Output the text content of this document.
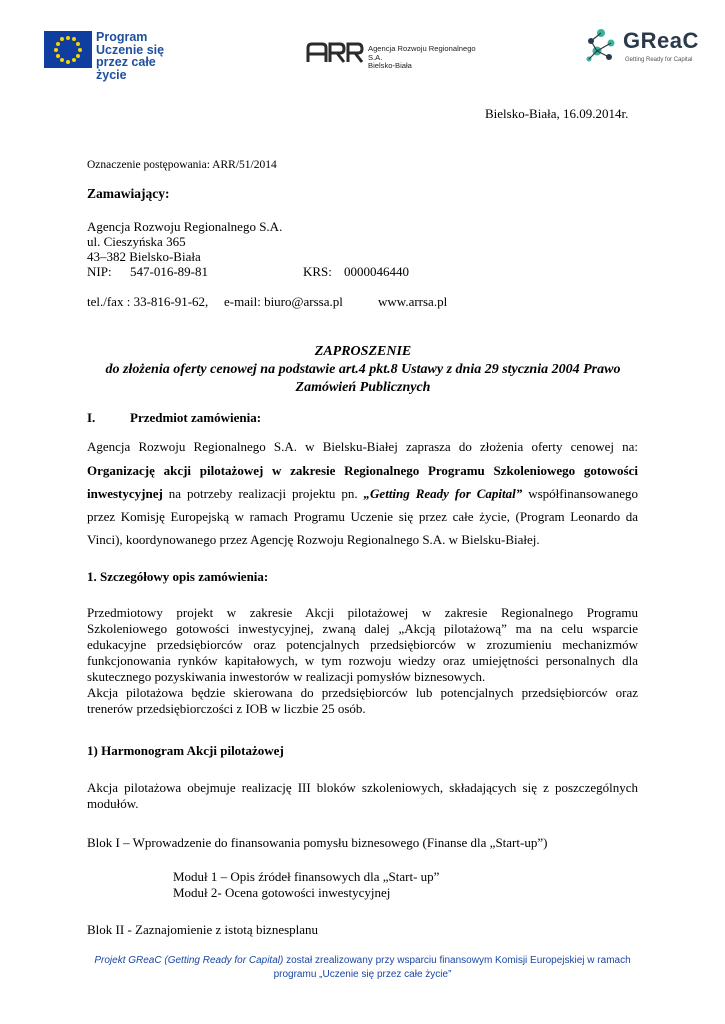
Program
Uczenie się
przez całe życie
Agencja Rozwoju Regionalnego S.A.
Bielsko-Biała
GReaC
Getting Ready for Capital
Bielsko-Biała, 16.09.2014r.
Oznaczenie postępowania: ARR/51/2014
Zamawiający:
Agencja Rozwoju Regionalnego S.A.
ul. Cieszyńska 365
43–382 Bielsko-Biała
NIP: 547-016-89-81	KRS: 0000046440
tel./fax : 33-816-91-62, e-mail: biuro@arssa.pl	www.arrsa.pl
ZAPROSZENIE
do złożenia oferty cenowej na podstawie art.4 pkt.8 Ustawy z dnia 29 stycznia 2004 Prawo
Zamówień Publicznych
I.	Przedmiot zamówienia:
Agencja Rozwoju Regionalnego S.A. w Bielsku-Białej zaprasza do złożenia oferty cenowej na:
Organizację akcji pilotażowej w zakresie Regionalnego Programu Szkoleniowego gotowości
inwestycyjnej na potrzeby realizacji projektu pn. „Getting Ready for Capital” współfinansowanego
przez Komisję Europejską w ramach Programu Uczenie się przez całe życie, (Program Leonardo da
Vinci), koordynowanego przez Agencję Rozwoju Regionalnego S.A. w Bielsku-Białej.
1. Szczegółowy opis zamówienia:
Przedmiotowy projekt w zakresie Akcji pilotażowej w zakresie Regionalnego Programu
Szkoleniowego gotowości inwestycyjnej, zwaną dalej „Akcją pilotażową” ma na celu wsparcie
edukacyjne przedsiębiorców oraz potencjalnych przedsiębiorców w zrozumieniu mechanizmów
funkcjonowania rynków kapitałowych, w tym rozwoju wiedzy oraz umiejętności personalnych dla
skutecznego pozyskiwania inwestorów w realizacji pomysłów biznesowych.
Akcja pilotażowa będzie skierowana do przedsiębiorców lub potencjalnych przedsiębiorców oraz
trenerów przedsiębiorczości z IOB w liczbie 25 osób.
1) Harmonogram Akcji pilotażowej
Akcja pilotażowa obejmuje realizację III bloków szkoleniowych, składających się z poszczególnych
modułów.
Blok I – Wprowadzenie do finansowania pomysłu biznesowego (Finanse dla „Start-up”)
Moduł 1 – Opis źródeł finansowych dla „Start- up”
Moduł 2- Ocena gotowości inwestycyjnej
Blok II - Zaznajomienie z istotą biznesplanu
Projekt GReaC (Getting Ready for Capital) został zrealizowany przy wsparciu finansowym Komisji Europejskiej w ramach
programu „Uczenie się przez całe życie”
